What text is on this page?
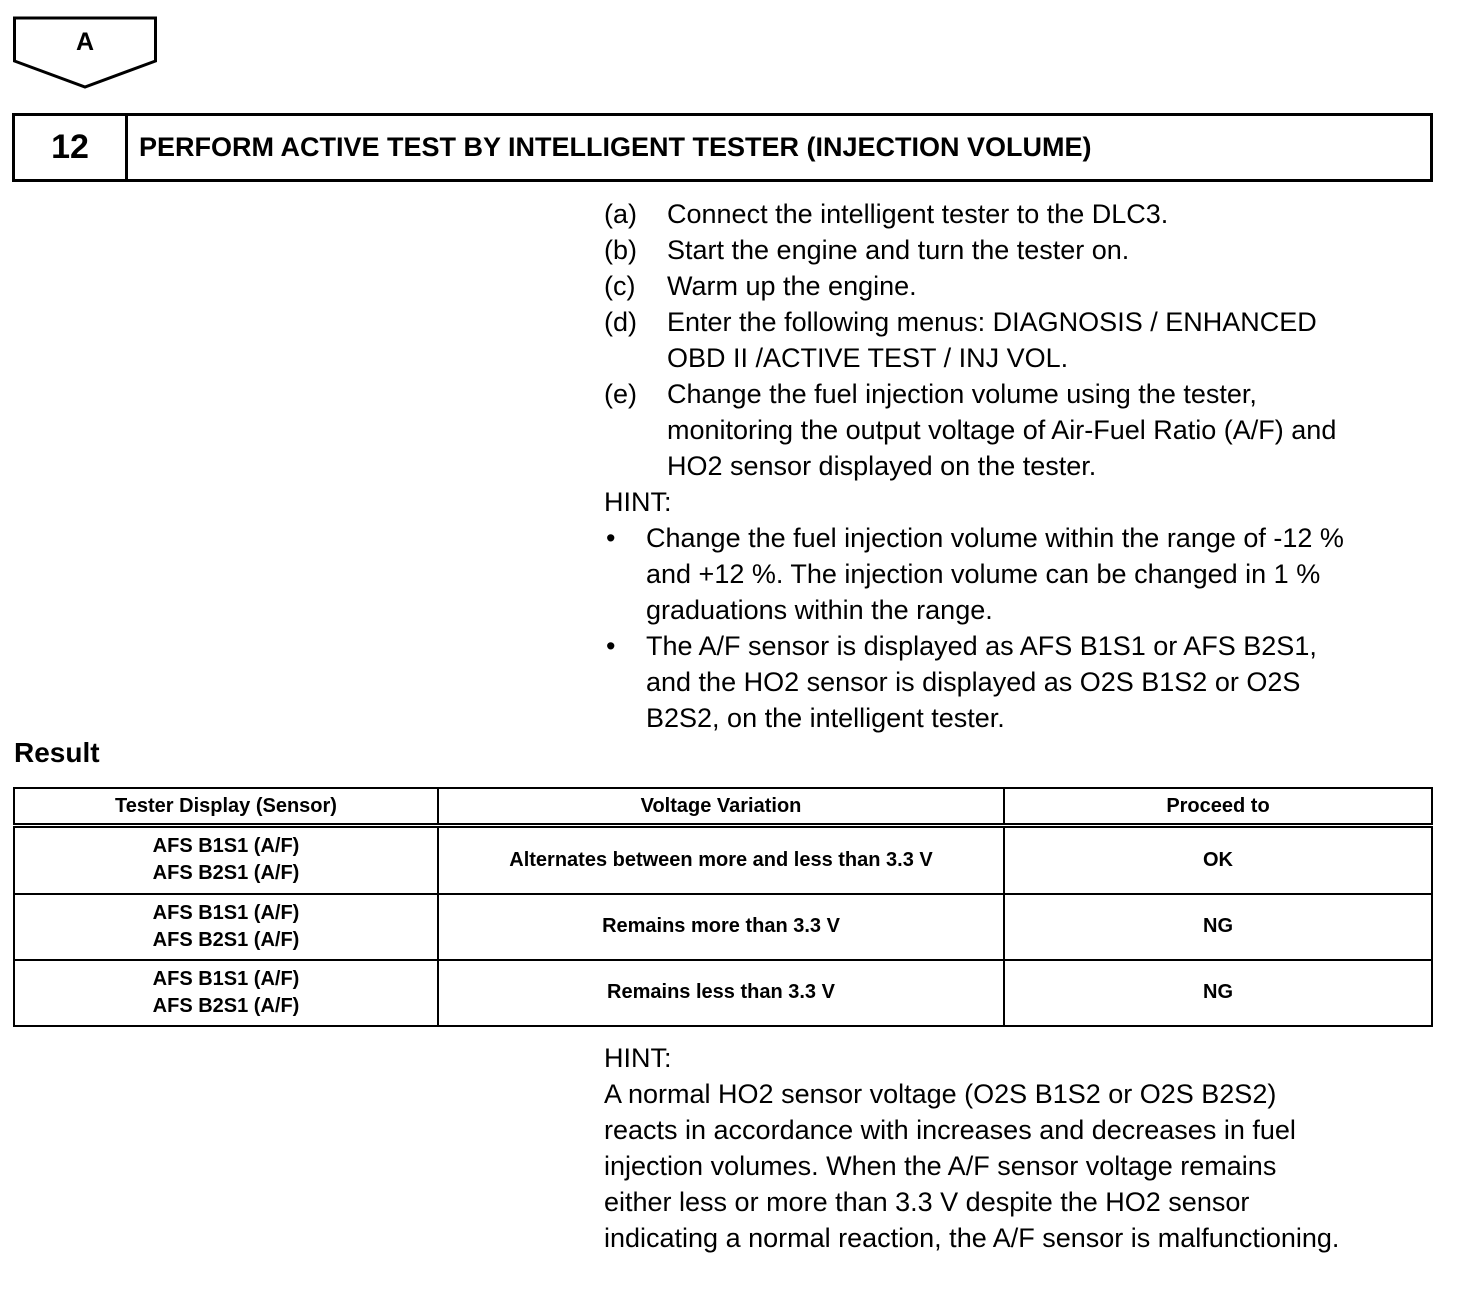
A
12	PERFORM ACTIVE TEST BY INTELLIGENT TESTER (INJECTION VOLUME)
(a)	Connect the intelligent tester to the DLC3.
(b)	Start the engine and turn the tester on.
(c)	Warm up the engine.
(d)	Enter the following menus: DIAGNOSIS / ENHANCED
OBD II /ACTIVE TEST / INJ VOL.
(e)	Change the fuel injection volume using the tester,
monitoring the output voltage of Air-Fuel Ratio (A/F) and
HO2 sensor displayed on the tester.
HINT:
•	Change the fuel injection volume within the range of -12 %
and +12 %. The injection volume can be changed in 1 %
graduations within the range.
•	The A/F sensor is displayed as AFS B1S1 or AFS B2S1,
and the HO2 sensor is displayed as O2S B1S2 or O2S
B2S2, on the intelligent tester.
Result
Tester Display (Sensor)	Voltage Variation	Proceed to

AFS B1S1 (A/F)
AFS B2S1 (A/F)	Alternates between more and less than 3.3 V	OK

AFS B1S1 (A/F)
AFS B2S1 (A/F)	Remains more than 3.3 V	NG

AFS B1S1 (A/F)
AFS B2S1 (A/F)	Remains less than 3.3 V	NG
HINT:
A normal HO2 sensor voltage (O2S B1S2 or O2S B2S2)
reacts in accordance with increases and decreases in fuel
injection volumes. When the A/F sensor voltage remains
either less or more than 3.3 V despite the HO2 sensor
indicating a normal reaction, the A/F sensor is malfunctioning.
